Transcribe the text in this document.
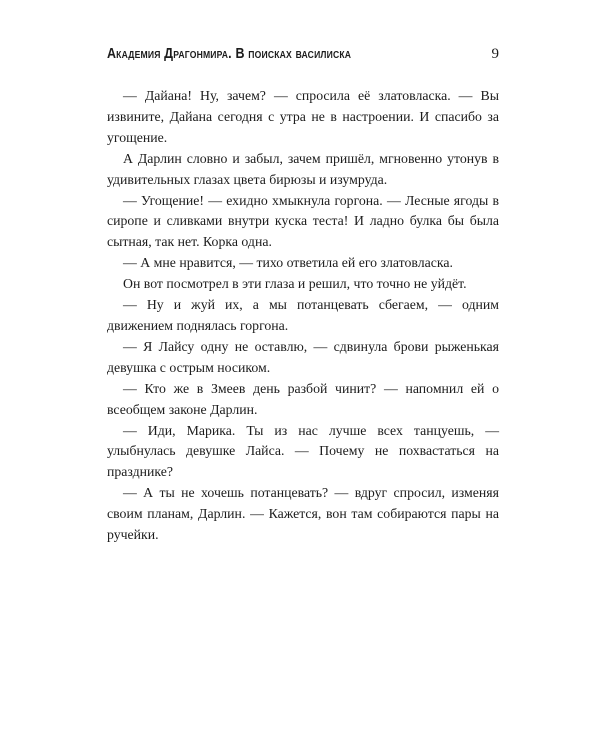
Академия Драгонмира. В поисках василиска	9

— Дайана! Ну, зачем? — спросила её златовласка. — Вы извините, Дайана сегодня с утра не в настроении. И спасибо за угощение.

А Дарлин словно и забыл, зачем пришёл, мгновенно утонув в удивительных глазах цвета бирюзы и изумруда.

— Угощение! — ехидно хмыкнула горгона. — Лесные ягоды в сиропе и сливками внутри куска теста! И ладно булка бы была сытная, так нет. Корка одна.

— А мне нравится, — тихо ответила ей его златовласка.

Он вот посмотрел в эти глаза и решил, что точно не уйдёт.

— Ну и жуй их, а мы потанцевать сбегаем, — одним движением поднялась горгона.

— Я Лайсу одну не оставлю, — сдвинула брови рыженькая девушка с острым носиком.

— Кто же в Змеев день разбой чинит? — напомнил ей о всеобщем законе Дарлин.

— Иди, Марика. Ты из нас лучше всех танцуешь, — улыбнулась девушке Лайса. — Почему не похвастаться на празднике?

— А ты не хочешь потанцевать? — вдруг спросил, изменяя своим планам, Дарлин. — Кажется, вон там собираются пары на ручейки.
